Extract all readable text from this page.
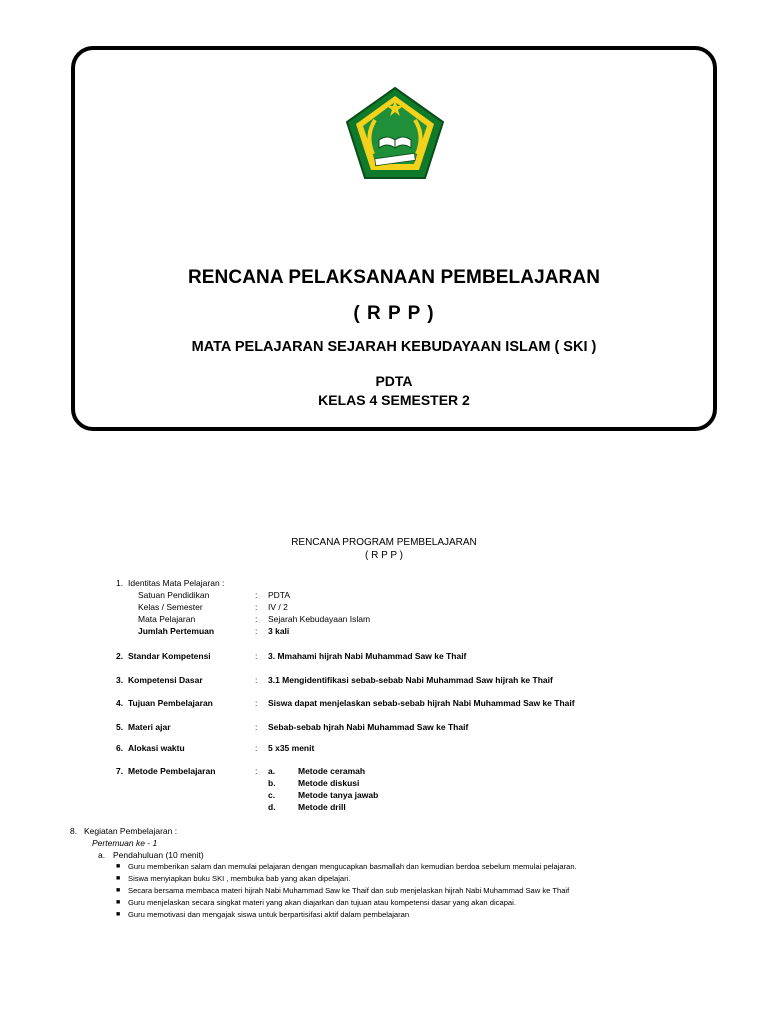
RENCANA PELAKSANAAN PEMBELAJARAN
( R P P )
MATA PELAJARAN SEJARAH KEBUDAYAAN ISLAM ( SKI )
PDTA
KELAS 4 SEMESTER 2
RENCANA PROGRAM PEMBELAJARAN
( R P P )
1. Identitas Mata Pelajaran :
Satuan Pendidikan	: PDTA
Kelas / Semester	: IV / 2
Mata Pelajaran	: Sejarah Kebudayaan Islam
Jumlah Pertemuan	: 3 kali
2. Standar Kompetensi	: 3. Mmahami hijrah Nabi Muhammad Saw ke Thaif
3. Kompetensi Dasar	: 3.1 Mengidentifikasi sebab-sebab Nabi Muhammad Saw hijrah ke Thaif
4. Tujuan Pembelajaran	: Siswa dapat menjelaskan sebab-sebab hijrah Nabi Muhammad Saw ke Thaif
5. Materi ajar	: Sebab-sebab hjrah Nabi Muhammad Saw ke Thaif
6. Alokasi waktu	: 5 x35 menit
7. Metode Pembelajaran	: a.	Metode ceramah
b.	Metode diskusi
c.	Metode tanya jawab
d.	Metode drill
8. Kegiatan Pembelajaran :
Pertemuan ke - 1
a. Pendahuluan (10 menit)
■ Guru memberikan salam dan memulai pelajaran dengan mengucapkan basmallah dan kemudian berdoa sebelum memulai pelajaran.
■ Siswa menyiapkan buku SKI , membuka bab yang akan dipelajari.
■ Secara bersama membaca materi hijrah Nabi Muhammad Saw ke Thaif dan sub menjelaskan hijrah Nabi Muhammad Saw ke Thaif
■ Guru menjelaskan secara singkat materi yang akan diajarkan dan tujuan atau kompetensi dasar yang akan dicapai.
■ Guru memotivasi dan mengajak siswa untuk berpartisifasi aktif dalam pembelajaran
